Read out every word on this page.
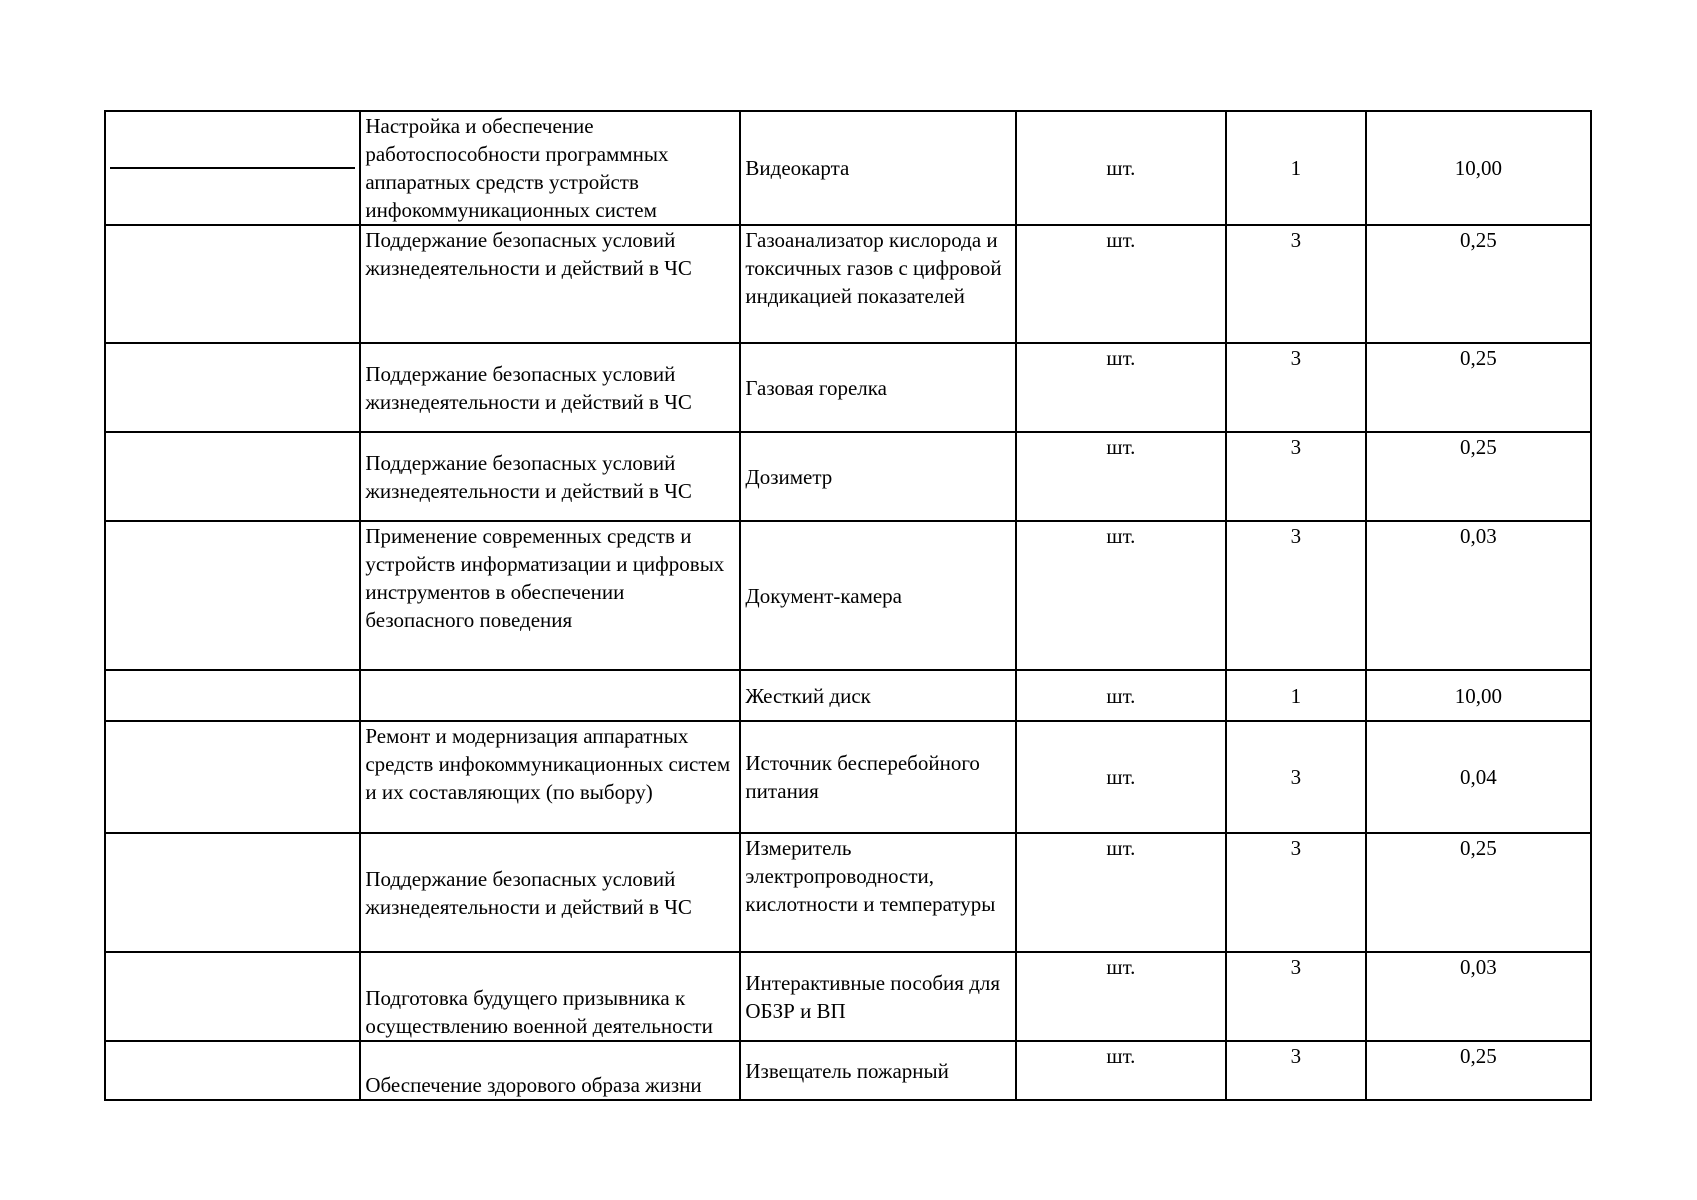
	Настройка и обеспечение работоспособности программных аппаратных средств устройств инфокоммуникационных систем	Видеокарта	шт.	1	10,00
	Поддержание безопасных условий жизнедеятельности и действий в ЧС	Газоанализатор кислорода и токсичных газов с цифровой индикацией показателей	шт.	3	0,25
	Поддержание безопасных условий жизнедеятельности и действий в ЧС	Газовая горелка	шт.	3	0,25
	Поддержание безопасных условий жизнедеятельности и действий в ЧС	Дозиметр	шт.	3	0,25
	Применение современных средств и устройств информатизации и цифровых инструментов в обеспечении безопасного поведения	Документ-камера	шт.	3	0,03
		Жесткий диск	шт.	1	10,00
	Ремонт и модернизация аппаратных средств инфокоммуникационных систем и их составляющих (по выбору)	Источник бесперебойного питания	шт.	3	0,04
	Поддержание безопасных условий жизнедеятельности и действий в ЧС	Измеритель электропроводности, кислотности и температуры	шт.	3	0,25
	Подготовка будущего призывника к осуществлению военной деятельности	Интерактивные пособия для ОБЗР и ВП	шт.	3	0,03
	Обеспечение здорового образа жизни	Извещатель пожарный	шт.	3	0,25
